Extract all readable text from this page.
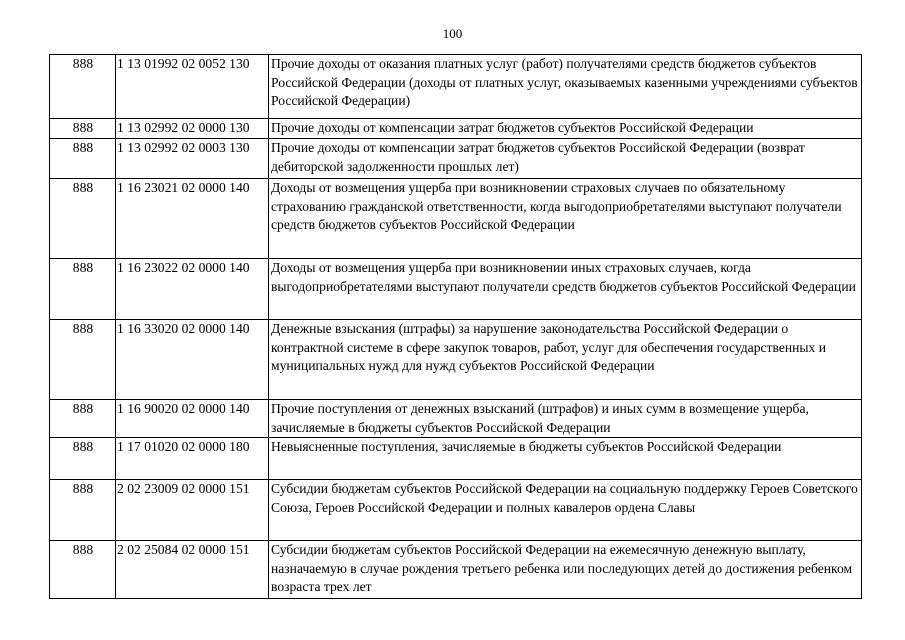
100
888	1 13 01992 02 0052 130	Прочие доходы от оказания платных услуг (работ) получателями средств бюджетов субъектов Российской Федерации (доходы от платных услуг, оказываемых казенными учреждениями субъектов Российской Федерации)
888	1 13 02992 02 0000 130	Прочие доходы от компенсации затрат бюджетов субъектов Российской Федерации
888	1 13 02992 02 0003 130	Прочие доходы от компенсации затрат бюджетов субъектов Российской Федерации (возврат дебиторской задолженности прошлых лет)
888	1 16 23021 02 0000 140	Доходы от возмещения ущерба при возникновении страховых случаев по обязательному страхованию гражданской ответственности, когда выгодоприобретателями выступают получатели средств бюджетов субъектов Российской Федерации
888	1 16 23022 02 0000 140	Доходы от возмещения ущерба при возникновении иных страховых случаев, когда выгодоприобретателями выступают получатели средств бюджетов субъектов Российской Федерации
888	1 16 33020 02 0000 140	Денежные взыскания (штрафы) за нарушение законодательства Российской Федерации о контрактной системе в сфере закупок товаров, работ, услуг для обеспечения государственных и муниципальных нужд для нужд субъектов Российской Федерации
888	1 16 90020 02 0000 140	Прочие поступления от денежных взысканий (штрафов) и иных сумм в возмещение ущерба, зачисляемые в бюджеты субъектов Российской Федерации
888	1 17 01020 02 0000 180	Невыясненные поступления, зачисляемые в бюджеты субъектов Российской Федерации
888	2 02 23009 02 0000 151	Субсидии бюджетам субъектов Российской Федерации на социальную поддержку Героев Советского Союза, Героев Российской Федерации и полных кавалеров ордена Славы
888	2 02 25084 02 0000 151	Субсидии бюджетам субъектов Российской Федерации на ежемесячную денежную выплату, назначаемую в случае рождения третьего ребенка или последующих детей до достижения ребенком возраста трех лет
